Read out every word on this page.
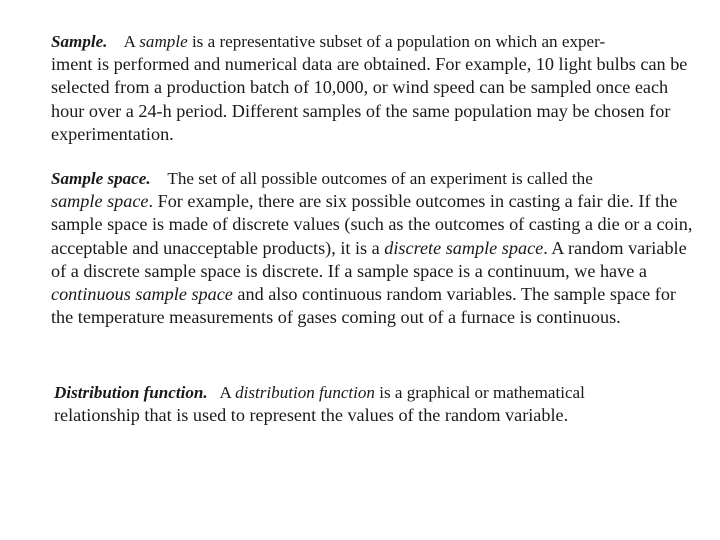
Sample. A sample is a representative subset of a population on which an exper-
iment is performed and numerical data are obtained. For example, 10 light bulbs can be
selected from a production batch of 10,000, or wind speed can be sampled once each
hour over a 24-h period. Different samples of the same population may be chosen for
experimentation.

Sample space. The set of all possible outcomes of an experiment is called the
sample space. For example, there are six possible outcomes in casting a fair die. If the
sample space is made of discrete values (such as the outcomes of casting a die or a coin,
acceptable and unacceptable products), it is a discrete sample space. A random variable
of a discrete sample space is discrete. If a sample space is a continuum, we have a
continuous sample space and also continuous random variables. The sample space for
the temperature measurements of gases coming out of a furnace is continuous.

Distribution function. A distribution function is a graphical or mathematical
relationship that is used to represent the values of the random variable.
